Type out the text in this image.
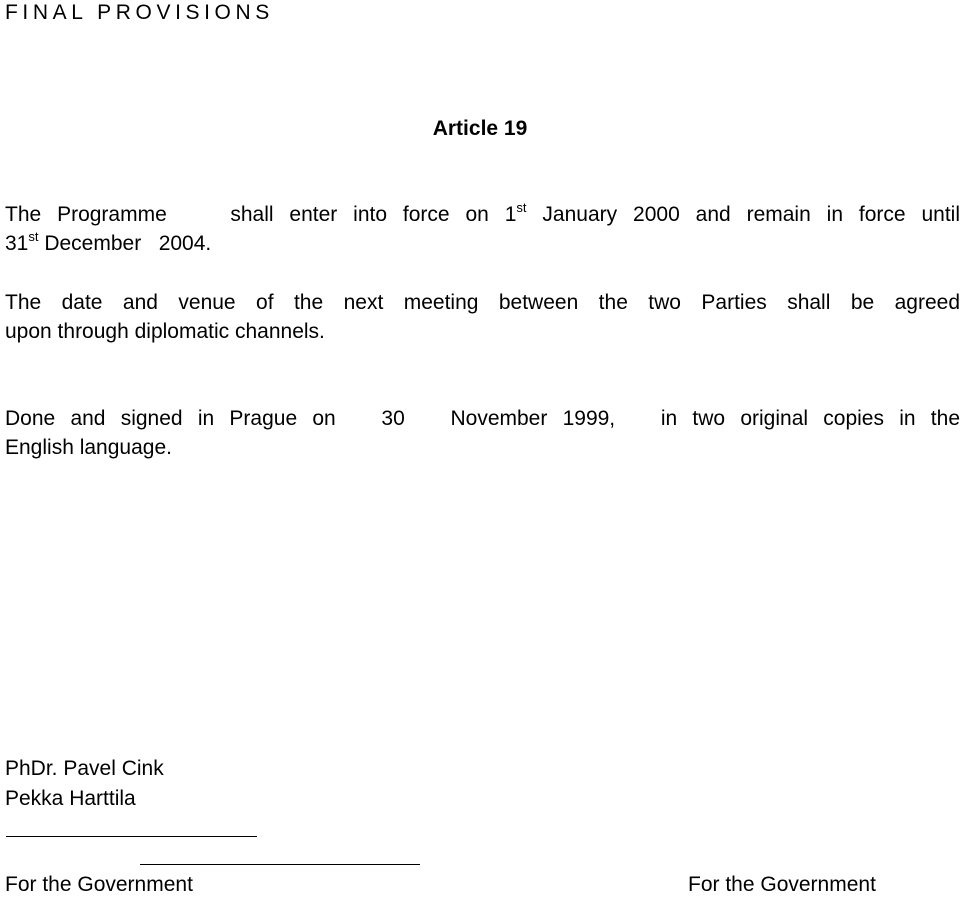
FINAL PROVISIONS
Article 19
The Programme    shall enter into force on 1st January 2000 and remain in force until
31st December   2004.
The date and venue of the next meeting between the two Parties shall be agreed
upon through diplomatic channels.
Done and signed in Prague on   30   November 1999,   in two original copies in the
English language.
PhDr. Pavel Cink
Pekka Harttila
For the Government	For the Government
